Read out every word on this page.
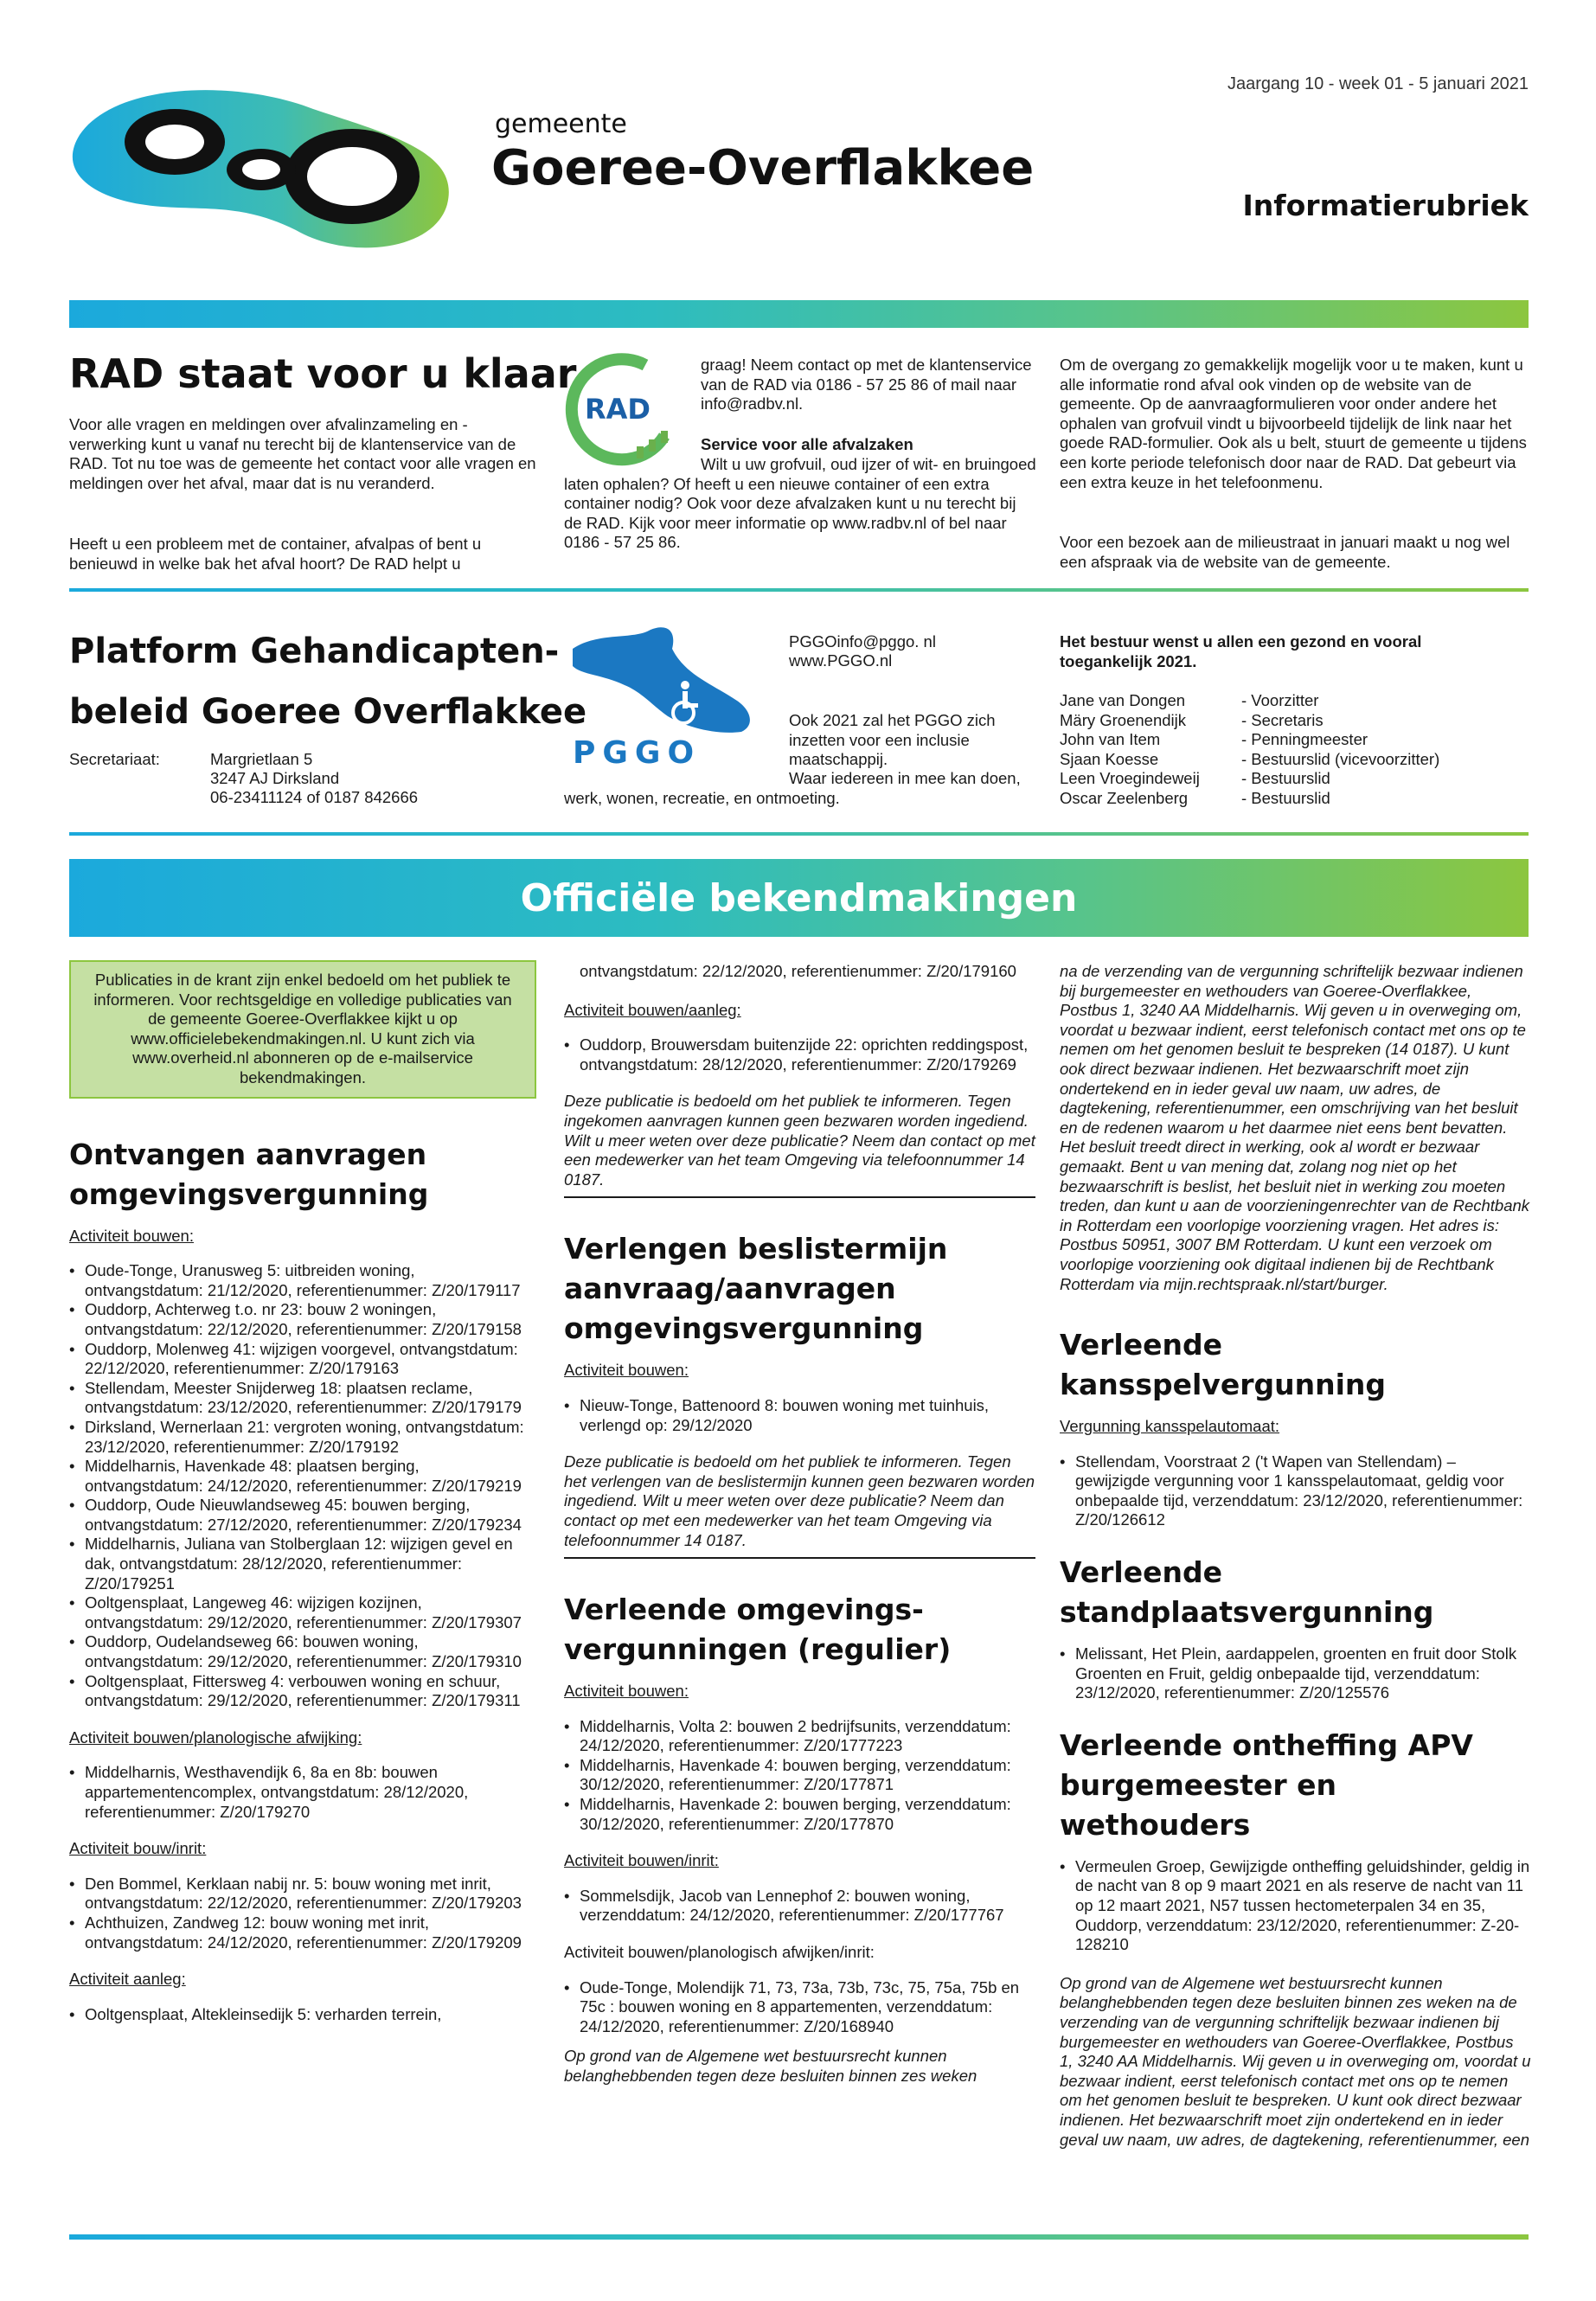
Jaargang 10 - week 01 - 5 januari 2021
gemeente
Goeree-Overflakkee
Informatierubriek
RAD staat voor u klaar
Voor alle vragen en meldingen over afvalinzameling en -verwerking kunt u vanaf nu terecht bij de klantenservice van de RAD. Tot nu toe was de gemeente het contact voor alle vragen en meldingen over het afval, maar dat is nu veranderd.
Heeft u een probleem met de container, afvalpas of bent u benieuwd in welke bak het afval hoort? De RAD helpt u
RAD
graag! Neem contact op met de klantenservice van de RAD via 0186 - 57 25 86 of mail naar info@radbv.nl.
Service voor alle afvalzaken
Wilt u uw grofvuil, oud ijzer of wit- en bruingoed laten ophalen? Of heeft u een nieuwe container of een extra container nodig? Ook voor deze afvalzaken kunt u nu terecht bij de RAD. Kijk voor meer informatie op www.radbv.nl of bel naar 0186 - 57 25 86.
Om de overgang zo gemakkelijk mogelijk voor u te maken, kunt u alle informatie rond afval ook vinden op de website van de gemeente. Op de aanvraagformulieren voor onder andere het ophalen van grofvuil vindt u bijvoorbeeld tijdelijk de link naar het goede RAD-formulier. Ook als u belt, stuurt de gemeente u tijdens een korte periode telefonisch door naar de RAD. Dat gebeurt via een extra keuze in het telefoonmenu.
Voor een bezoek aan de milieustraat in januari maakt u nog wel een afspraak via de website van de gemeente.
Platform Gehandicapten-
beleid Goeree Overflakkee
Secretariaat:	Margrietlaan 5
3247 AJ Dirksland
06-23411124 of 0187 842666
PGGO
PGGOinfo@pggo. nl
www.PGGO.nl
Ook 2021 zal het PGGO zich inzetten voor een inclusie maatschappij.
Waar iedereen in mee kan doen, werk, wonen, recreatie, en ontmoeting.
Het bestuur wenst u allen een gezond en vooral toegankelijk 2021.
Jane van Dongen	- Voorzitter
Märy Groenendijk	- Secretaris
John van Item	- Penningmeester
Sjaan Koesse	- Bestuurslid (vicevoorzitter)
Leen Vroegindeweij	- Bestuurslid
Oscar Zeelenberg	- Bestuurslid
Officiële bekendmakingen
Publicaties in de krant zijn enkel bedoeld om het publiek te informeren. Voor rechtsgeldige en volledige publicaties van de gemeente Goeree-Overflakkee kijkt u op www.officielebekendmakingen.nl. U kunt zich via www.overheid.nl abonneren op de e-mailservice bekendmakingen.
Ontvangen aanvragen omgevingsvergunning

Activiteit bouwen:

• Oude-Tonge, Uranusweg 5: uitbreiden woning, ontvangstdatum: 21/12/2020, referentienummer: Z/20/179117
• Ouddorp, Achterweg t.o. nr 23: bouw 2 woningen, ontvangstdatum: 22/12/2020, referentienummer: Z/20/179158
• Ouddorp, Molenweg 41: wijzigen voorgevel, ontvangstdatum: 22/12/2020, referentienummer: Z/20/179163
• Stellendam, Meester Snijderweg 18: plaatsen reclame, ontvangstdatum: 23/12/2020, referentienummer: Z/20/179179
• Dirksland, Wernerlaan 21: vergroten woning, ontvangstdatum: 23/12/2020, referentienummer: Z/20/179192
• Middelharnis, Havenkade 48: plaatsen berging, ontvangstdatum: 24/12/2020, referentienummer: Z/20/179219
• Ouddorp, Oude Nieuwlandseweg 45: bouwen berging, ontvangstdatum: 27/12/2020, referentienummer: Z/20/179234
• Middelharnis, Juliana van Stolberglaan 12: wijzigen gevel en dak, ontvangstdatum: 28/12/2020, referentienummer: Z/20/179251
• Ooltgensplaat, Langeweg 46: wijzigen kozijnen, ontvangstdatum: 29/12/2020, referentienummer: Z/20/179307
• Ouddorp, Oudelandseweg 66: bouwen woning, ontvangstdatum: 29/12/2020, referentienummer: Z/20/179310
• Ooltgensplaat, Fittersweg 4: verbouwen woning en schuur, ontvangstdatum: 29/12/2020, referentienummer: Z/20/179311

Activiteit bouwen/planologische afwijking:

• Middelharnis, Westhavendijk 6, 8a en 8b: bouwen appartementencomplex, ontvangstdatum: 28/12/2020, referentienummer: Z/20/179270

Activiteit bouw/inrit:

• Den Bommel, Kerklaan nabij nr. 5: bouw woning met inrit, ontvangstdatum: 22/12/2020, referentienummer: Z/20/179203
• Achthuizen, Zandweg 12: bouw woning met inrit, ontvangstdatum: 24/12/2020, referentienummer: Z/20/179209

Activiteit aanleg:

• Ooltgensplaat, Altekleinsedijk 5: verharden terrein,

ontvangstdatum: 22/12/2020, referentienummer: Z/20/179160

Activiteit bouwen/aanleg:

• Ouddorp, Brouwersdam buitenzijde 22: oprichten reddingspost, ontvangstdatum: 28/12/2020, referentienummer: Z/20/179269

Deze publicatie is bedoeld om het publiek te informeren. Tegen ingekomen aanvragen kunnen geen bezwaren worden ingediend. Wilt u meer weten over deze publicatie? Neem dan contact op met een medewerker van het team Omgeving via telefoonnummer 14 0187.

Verlengen beslistermijn aanvraag/aanvragen omgevingsvergunning

Activiteit bouwen:

• Nieuw-Tonge, Battenoord 8: bouwen woning met tuinhuis, verlengd op: 29/12/2020

Deze publicatie is bedoeld om het publiek te informeren. Tegen het verlengen van de beslistermijn kunnen geen bezwaren worden ingediend. Wilt u meer weten over deze publicatie? Neem dan contact op met een medewerker van het team Omgeving via telefoonnummer 14 0187.

Verleende omgevings-vergunningen (regulier)

Activiteit bouwen:

• Middelharnis, Volta 2: bouwen 2 bedrijfsunits, verzenddatum: 24/12/2020, referentienummer: Z/20/1777223
• Middelharnis, Havenkade 4: bouwen berging, verzenddatum: 30/12/2020, referentienummer: Z/20/177871
• Middelharnis, Havenkade 2: bouwen berging, verzenddatum: 30/12/2020, referentienummer: Z/20/177870

Activiteit bouwen/inrit:

• Sommelsdijk, Jacob van Lennephof 2: bouwen woning, verzenddatum: 24/12/2020, referentienummer: Z/20/177767

Activiteit bouwen/planologisch afwijken/inrit:

• Oude-Tonge, Molendijk 71, 73, 73a, 73b, 73c, 75, 75a, 75b en 75c : bouwen woning en 8 appartementen, verzenddatum: 24/12/2020, referentienummer: Z/20/168940

Op grond van de Algemene wet bestuursrecht kunnen belanghebbenden tegen deze besluiten binnen zes weken

na de verzending van de vergunning schriftelijk bezwaar indienen bij burgemeester en wethouders van Goeree-Overflakkee, Postbus 1, 3240 AA Middelharnis. Wij geven u in overweging om, voordat u bezwaar indient, eerst telefonisch contact met ons op te nemen om het genomen besluit te bespreken (14 0187). U kunt ook direct bezwaar indienen. Het bezwaarschrift moet zijn ondertekend en in ieder geval uw naam, uw adres, de dagtekening, referentienummer, een omschrijving van het besluit en de redenen waarom u het daarmee niet eens bent bevatten. Het besluit treedt direct in werking, ook al wordt er bezwaar gemaakt. Bent u van mening dat, zolang nog niet op het bezwaarschrift is beslist, het besluit niet in werking zou moeten treden, dan kunt u aan de voorzieningenrechter van de Rechtbank in Rotterdam een voorlopige voorziening vragen. Het adres is: Postbus 50951, 3007 BM Rotterdam. U kunt een verzoek om voorlopige voorziening ook digitaal indienen bij de Rechtbank Rotterdam via mijn.rechtspraak.nl/start/burger.

Verleende kansspelvergunning

Vergunning kansspelautomaat:

• Stellendam, Voorstraat 2 ('t Wapen van Stellendam) – gewijzigde vergunning voor 1 kansspelautomaat, geldig voor onbepaalde tijd, verzenddatum: 23/12/2020, referentienummer: Z/20/126612
Verleende standplaatsvergunning
• Melissant, Het Plein, aardappelen, groenten en fruit door Stolk Groenten en Fruit, geldig onbepaalde tijd, verzenddatum: 23/12/2020, referentienummer: Z/20/125576
Verleende ontheffing APV burgemeester en wethouders
• Vermeulen Groep, Gewijzigde ontheffing geluidshinder, geldig in de nacht van 8 op 9 maart 2021 en als reserve de nacht van 11 op 12 maart 2021, N57 tussen hectometerpalen 34 en 35, Ouddorp, verzenddatum: 23/12/2020, referentienummer: Z-20-128210

Op grond van de Algemene wet bestuursrecht kunnen belanghebbenden tegen deze besluiten binnen zes weken na de verzending van de vergunning schriftelijk bezwaar indienen bij burgemeester en wethouders van Goeree-Overflakkee, Postbus 1, 3240 AA Middelharnis. Wij geven u in overweging om, voordat u bezwaar indient, eerst telefonisch contact met ons op te nemen om het genomen besluit te bespreken. U kunt ook direct bezwaar indienen. Het bezwaarschrift moet zijn ondertekend en in ieder geval uw naam, uw adres, de dagtekening, referentienummer, een
